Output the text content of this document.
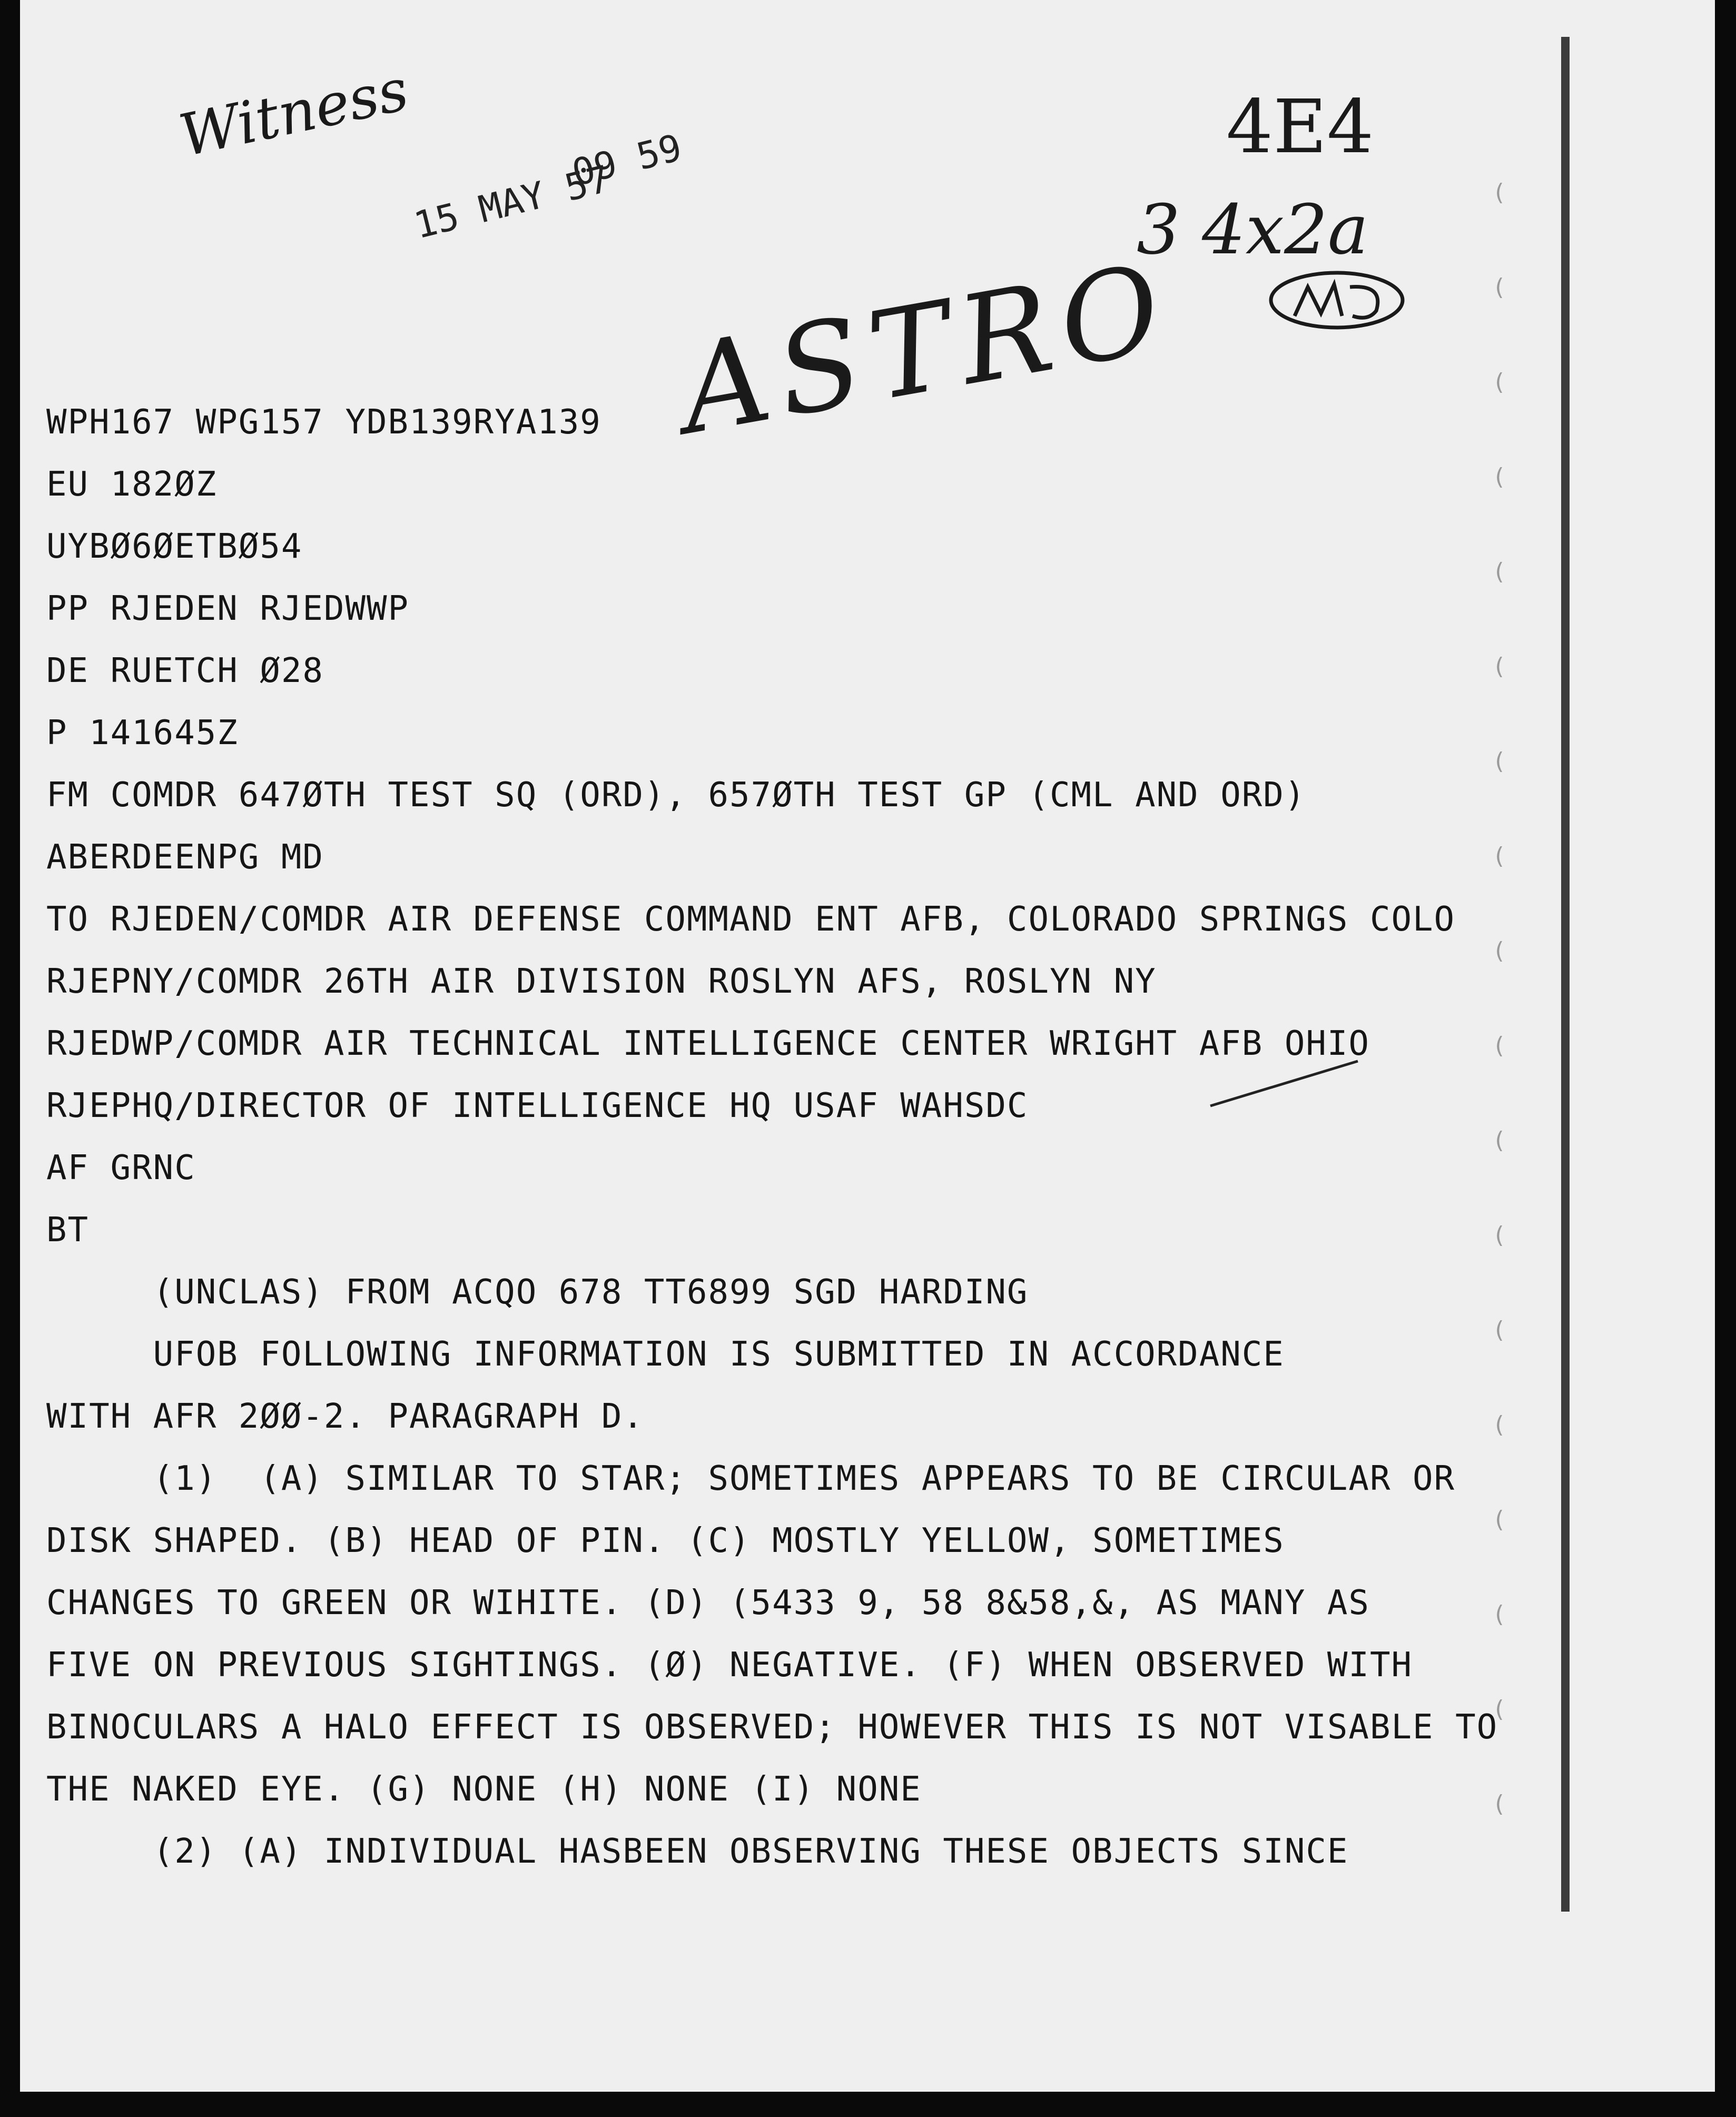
Witness
15 MAY 57
09 59	4E4
3 4x2a
ASTRO
WPH167 WPG157 YDB139RYA139
EU 182ØZ
UYBØ6ØETBØ54
PP RJEDEN RJEDWWP
DE RUETCH Ø28
P 141645Z
FM COMDR 647ØTH TEST SQ (ORD), 657ØTH TEST GP (CML AND ORD)
ABERDEENPG MD
TO RJEDEN/COMDR AIR DEFENSE COMMAND ENT AFB, COLORADO SPRINGS COLO
RJEPNY/COMDR 26TH AIR DIVISION ROSLYN AFS, ROSLYN NY
RJEDWP/COMDR AIR TECHNICAL INTELLIGENCE CENTER WRIGHT AFB OHIO
RJEPHQ/DIRECTOR OF INTELLIGENCE HQ USAF WAHSDC
AF GRNC
BT
(UNCLAS) FROM ACQO 678 TT6899 SGD HARDING
UFOB FOLLOWING INFORMATION IS SUBMITTED IN ACCORDANCE
WITH AFR 2ØØ-2. PARAGRAPH D.
(1)  (A) SIMILAR TO STAR; SOMETIMES APPEARS TO BE CIRCULAR OR
DISK SHAPED. (B) HEAD OF PIN. (C) MOSTLY YELLOW, SOMETIMES
CHANGES TO GREEN OR WIHITE. (D) (5433 9, 58 8&58,&, AS MANY AS
FIVE ON PREVIOUS SIGHTINGS. (Ø) NEGATIVE. (F) WHEN OBSERVED WITH
BINOCULARS A HALO EFFECT IS OBSERVED; HOWEVER THIS IS NOT VISABLE TO
THE NAKED EYE. (G) NONE (H) NONE (I) NONE
(2) (A) INDIVIDUAL HASBEEN OBSERVING THESE OBJECTS SINCE
(
(
(
(
(
(
(
(
(
(
(
(
(
(
(
(
(
(
